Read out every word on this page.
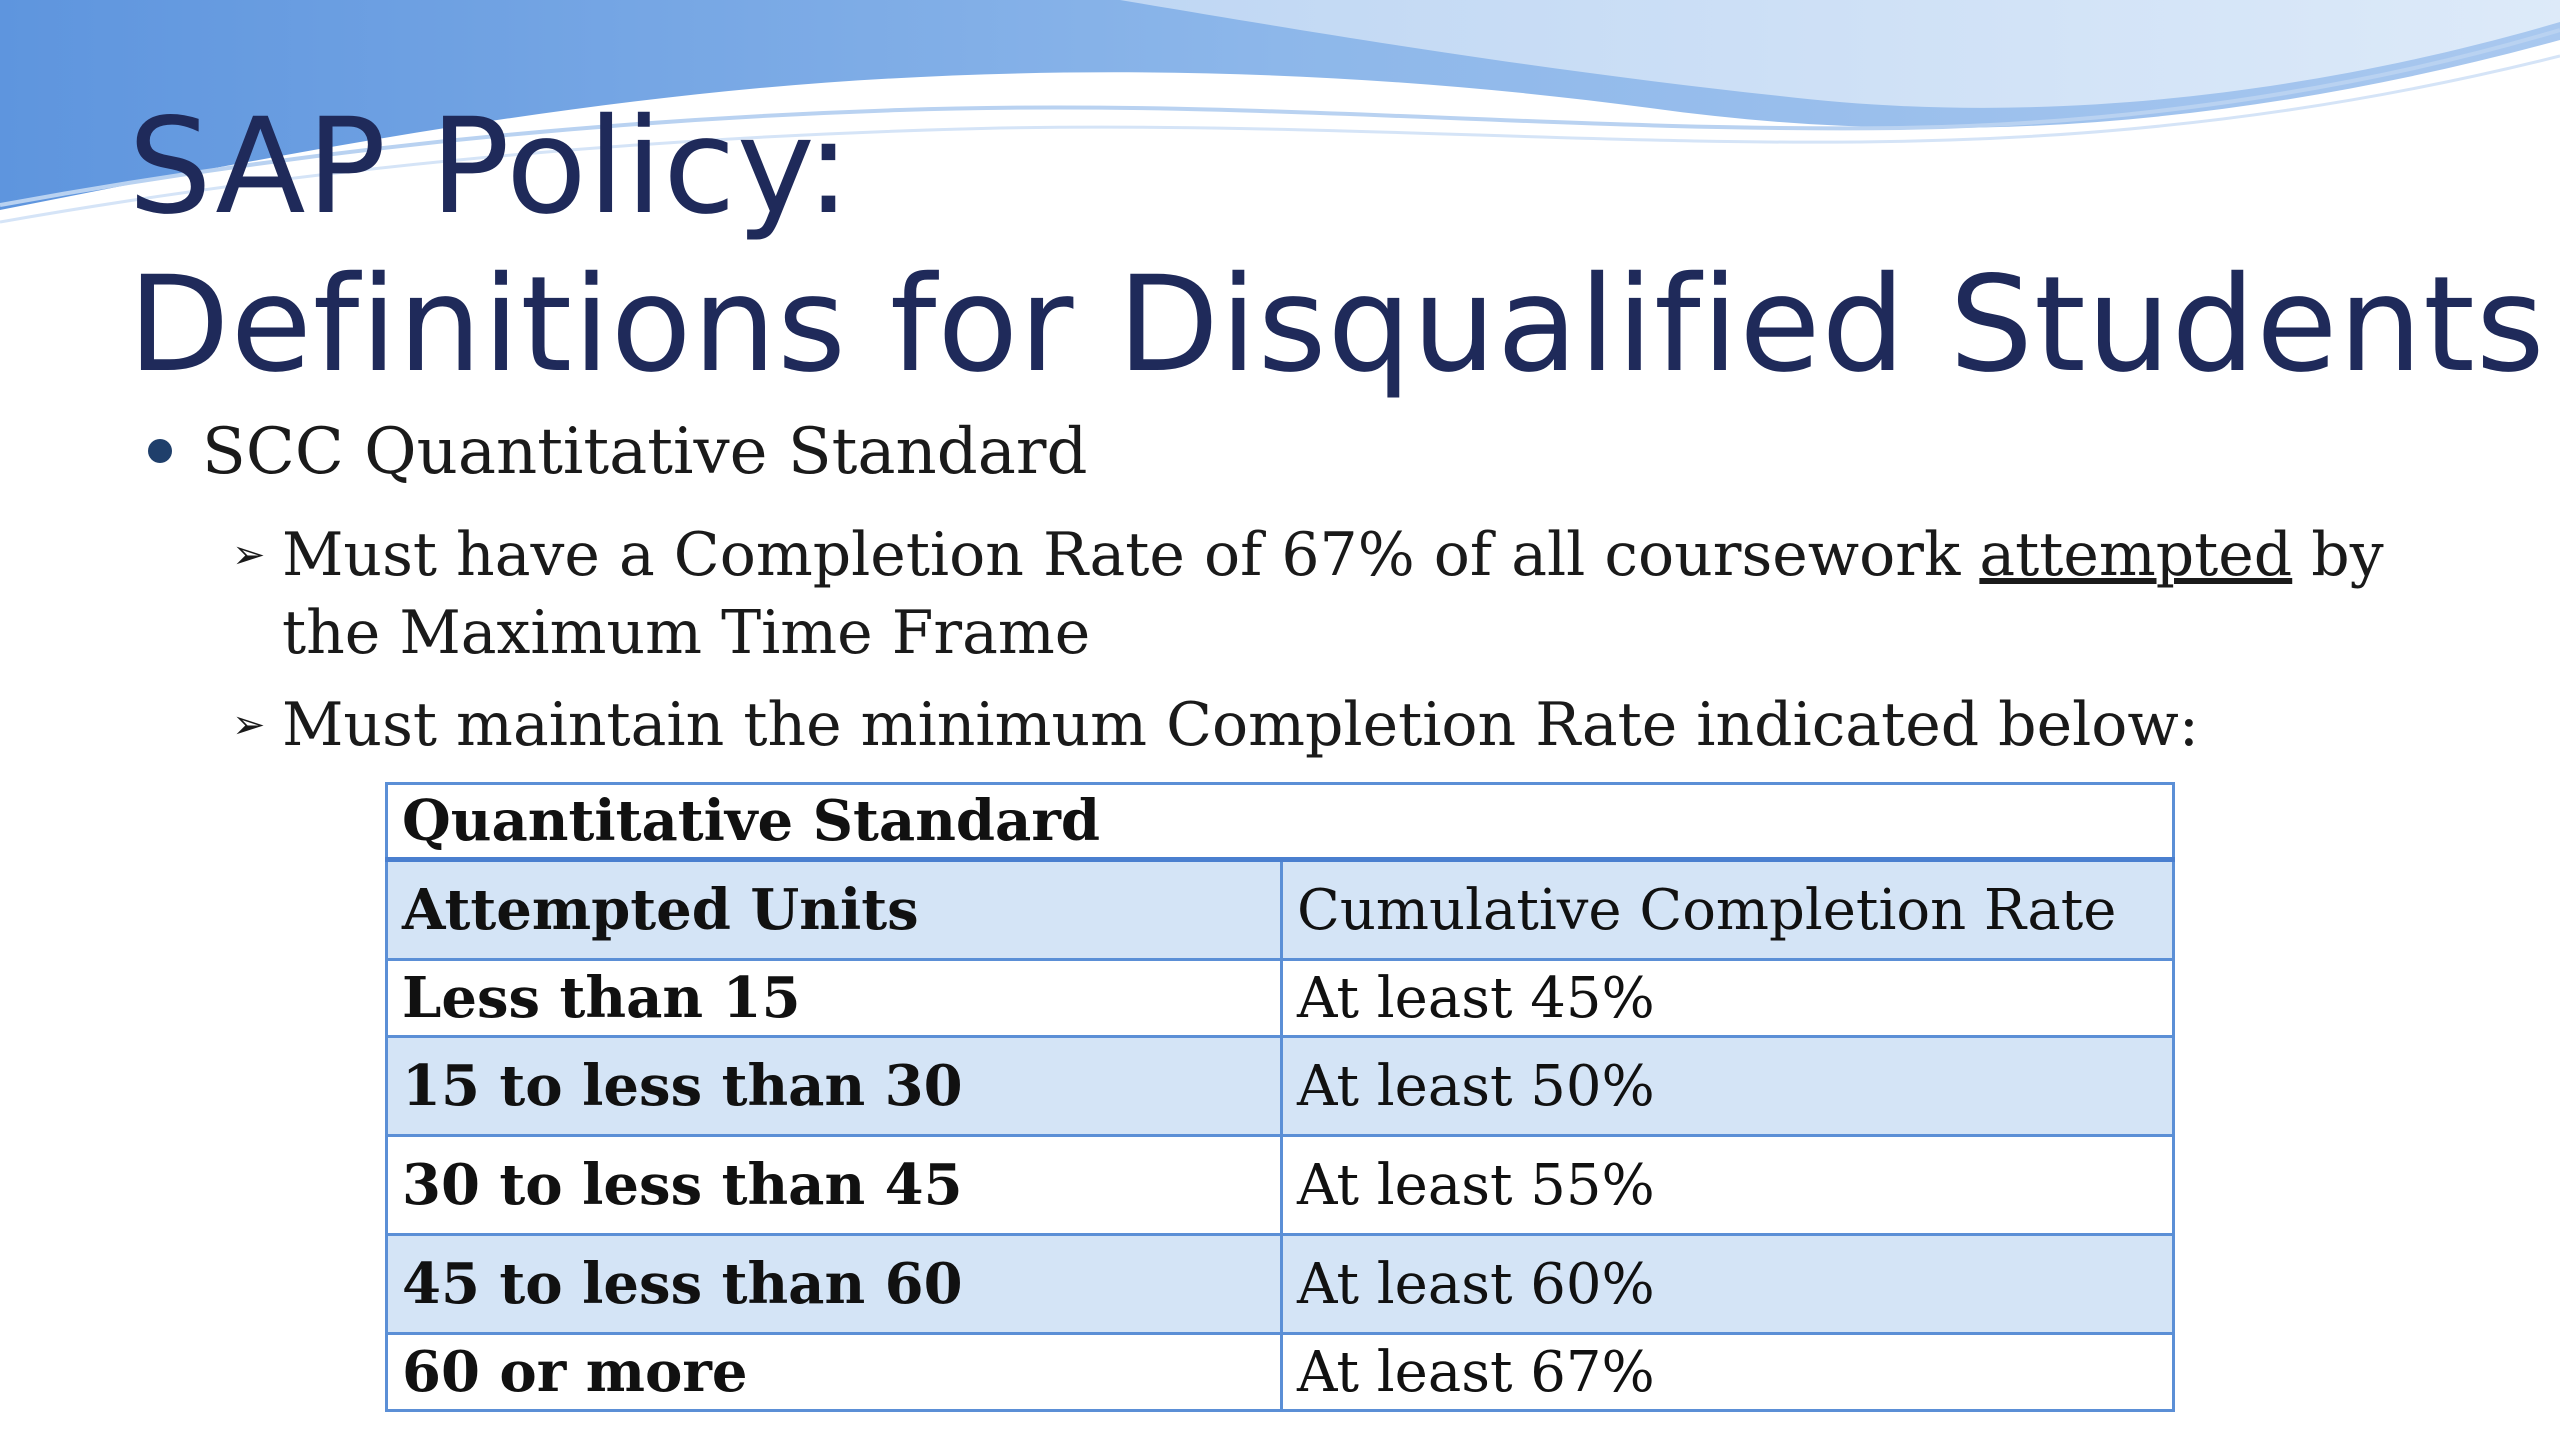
SAP Policy:
Definitions for Disqualified Students
SCC Quantitative Standard
➢ Must have a Completion Rate of 67% of all coursework attempted by the Maximum Time Frame
➢ Must maintain the minimum Completion Rate indicated below:
Quantitative Standard	
Attempted Units	Cumulative Completion Rate
Less than 15	At least 45%
15 to less than 30	At least 50%
30 to less than 45	At least 55%
45 to less than 60	At least 60%
60 or more	At least 67%
